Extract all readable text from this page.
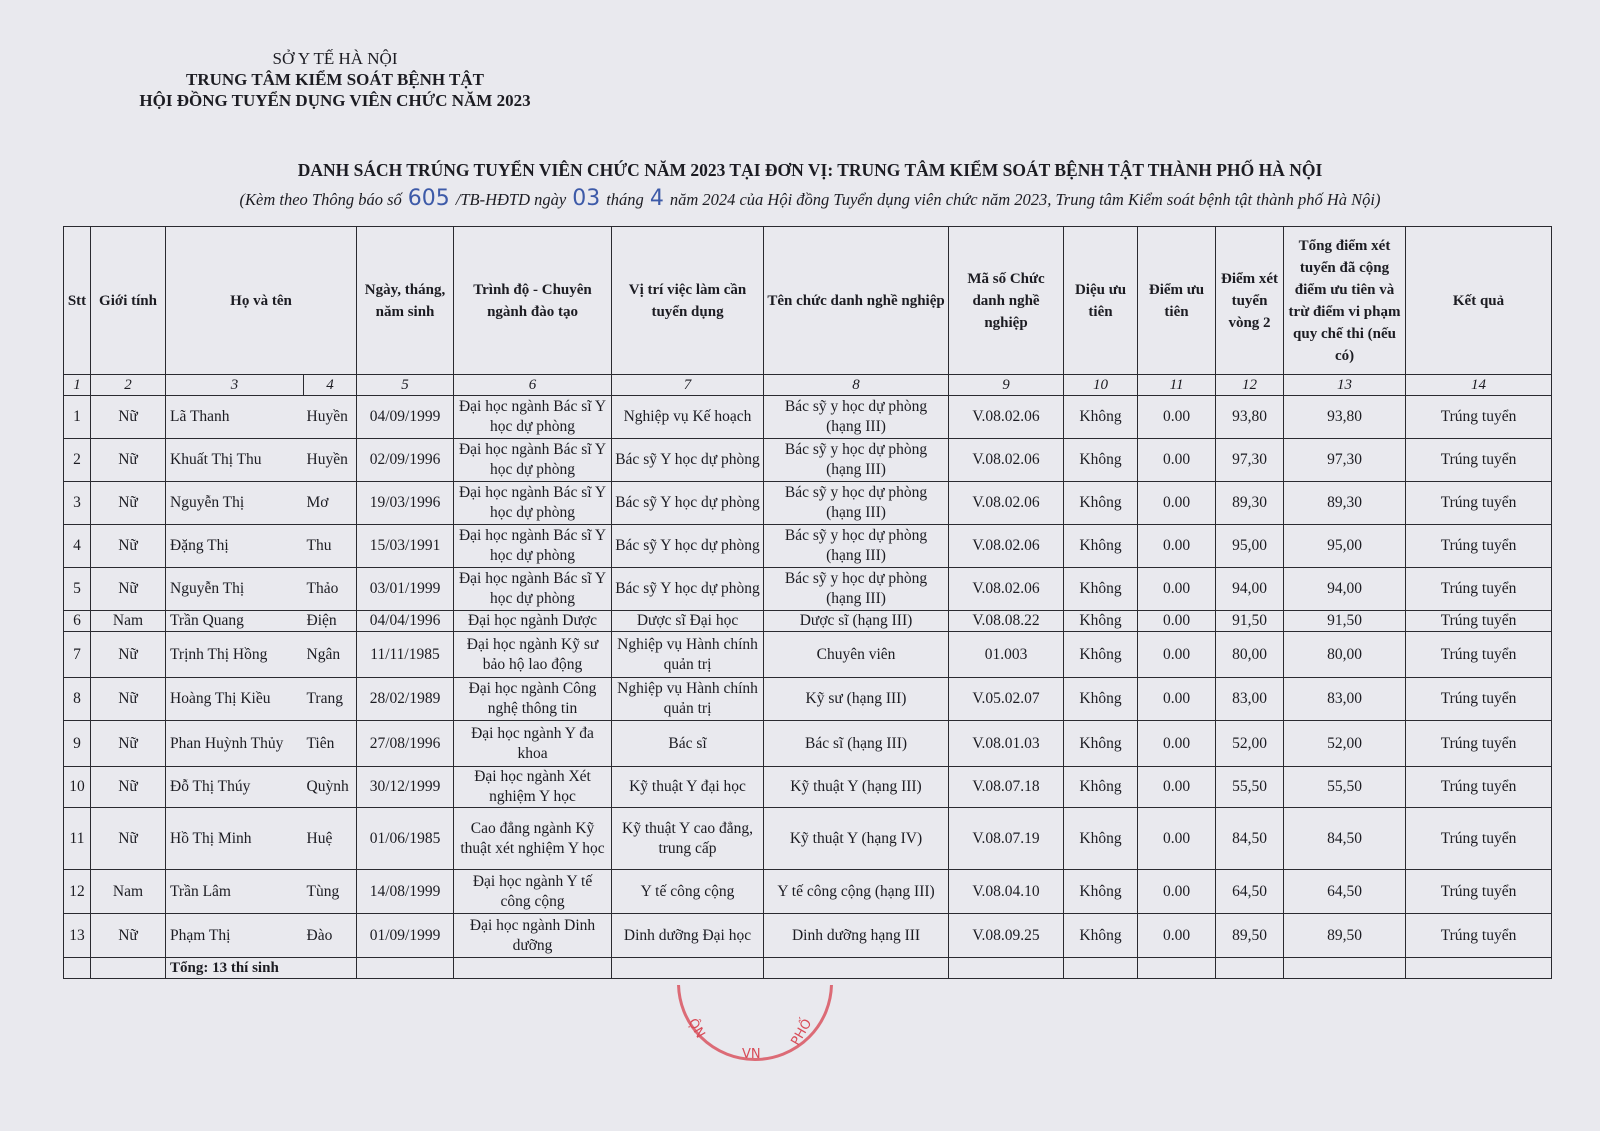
SỞ Y TẾ HÀ NỘI
TRUNG TÂM KIỂM SOÁT BỆNH TẬT
HỘI ĐỒNG TUYỂN DỤNG VIÊN CHỨC NĂM 2023
DANH SÁCH TRÚNG TUYỂN VIÊN CHỨC NĂM 2023 TẠI ĐƠN VỊ: TRUNG TÂM KIỂM SOÁT BỆNH TẬT THÀNH PHỐ HÀ NỘI
(Kèm theo Thông báo số 605 /TB-HĐTD ngày 03 tháng 4 năm 2024 của Hội đồng Tuyển dụng viên chức năm 2023, Trung tâm Kiểm soát bệnh tật thành phố Hà Nội)
Stt	Giới tính	Họ và tên		Ngày, tháng, năm sinh	Trình độ - Chuyên ngành đào tạo	Vị trí việc làm cần tuyển dụng	Tên chức danh nghề nghiệp	Mã số Chức danh nghề nghiệp	Diệu ưu tiên	Điểm ưu tiên	Điểm xét tuyển vòng 2	Tổng điểm xét tuyển đã cộng điểm ưu tiên và trừ điểm vi phạm quy chế thi (nếu có)	Kết quả
1	2	3	4	5	6	7	8	9	10	11	12	13	14
1	Nữ	Lã Thanh	Huyền	04/09/1999	Đại học ngành Bác sĩ Y học dự phòng	Nghiệp vụ Kế hoạch	Bác sỹ y học dự phòng (hạng III)	V.08.02.06	Không	0.00	93,80	93,80	Trúng tuyển
2	Nữ	Khuất Thị Thu	Huyền	02/09/1996	Đại học ngành Bác sĩ Y học dự phòng	Bác sỹ Y học dự phòng	Bác sỹ y học dự phòng (hạng III)	V.08.02.06	Không	0.00	97,30	97,30	Trúng tuyển
3	Nữ	Nguyễn Thị	Mơ	19/03/1996	Đại học ngành Bác sĩ Y học dự phòng	Bác sỹ Y học dự phòng	Bác sỹ y học dự phòng (hạng III)	V.08.02.06	Không	0.00	89,30	89,30	Trúng tuyển
4	Nữ	Đặng Thị	Thu	15/03/1991	Đại học ngành Bác sĩ Y học dự phòng	Bác sỹ Y học dự phòng	Bác sỹ y học dự phòng (hạng III)	V.08.02.06	Không	0.00	95,00	95,00	Trúng tuyển
5	Nữ	Nguyễn Thị	Thảo	03/01/1999	Đại học ngành Bác sĩ Y học dự phòng	Bác sỹ Y học dự phòng	Bác sỹ y học dự phòng (hạng III)	V.08.02.06	Không	0.00	94,00	94,00	Trúng tuyển
6	Nam	Trần Quang	Điện	04/04/1996	Đại học ngành Dược	Dược sĩ Đại học	Dược sĩ (hạng III)	V.08.08.22	Không	0.00	91,50	91,50	Trúng tuyển
7	Nữ	Trịnh Thị Hồng	Ngân	11/11/1985	Đại học ngành Kỹ sư bảo hộ lao động	Nghiệp vụ Hành chính quản trị	Chuyên viên	01.003	Không	0.00	80,00	80,00	Trúng tuyển
8	Nữ	Hoàng Thị Kiều	Trang	28/02/1989	Đại học ngành Công nghệ thông tin	Nghiệp vụ Hành chính quản trị	Kỹ sư (hạng III)	V.05.02.07	Không	0.00	83,00	83,00	Trúng tuyển
9	Nữ	Phan Huỳnh Thủy	Tiên	27/08/1996	Đại học ngành Y đa khoa	Bác sĩ	Bác sĩ (hạng III)	V.08.01.03	Không	0.00	52,00	52,00	Trúng tuyển
10	Nữ	Đỗ Thị Thúy	Quỳnh	30/12/1999	Đại học ngành Xét nghiệm Y học	Kỹ thuật Y đại học	Kỹ thuật Y (hạng III)	V.08.07.18	Không	0.00	55,50	55,50	Trúng tuyển
11	Nữ	Hồ Thị Minh	Huệ	01/06/1985	Cao đẳng ngành Kỹ thuật xét nghiệm Y học	Kỹ thuật Y cao đẳng, trung cấp	Kỹ thuật Y (hạng IV)	V.08.07.19	Không	0.00	84,50	84,50	Trúng tuyển
12	Nam	Trần Lâm	Tùng	14/08/1999	Đại học ngành Y tế công cộng	Y tế công cộng	Y tế công cộng (hạng III)	V.08.04.10	Không	0.00	64,50	64,50	Trúng tuyển
13	Nữ	Phạm Thị	Đào	01/09/1999	Đại học ngành Dinh dưỡng	Dinh dưỡng Đại học	Dinh dưỡng hạng III	V.08.09.25	Không	0.00	89,50	89,50	Trúng tuyển
		Tổng: 13 thí sinh											
ỘN
VN
PHỐ
